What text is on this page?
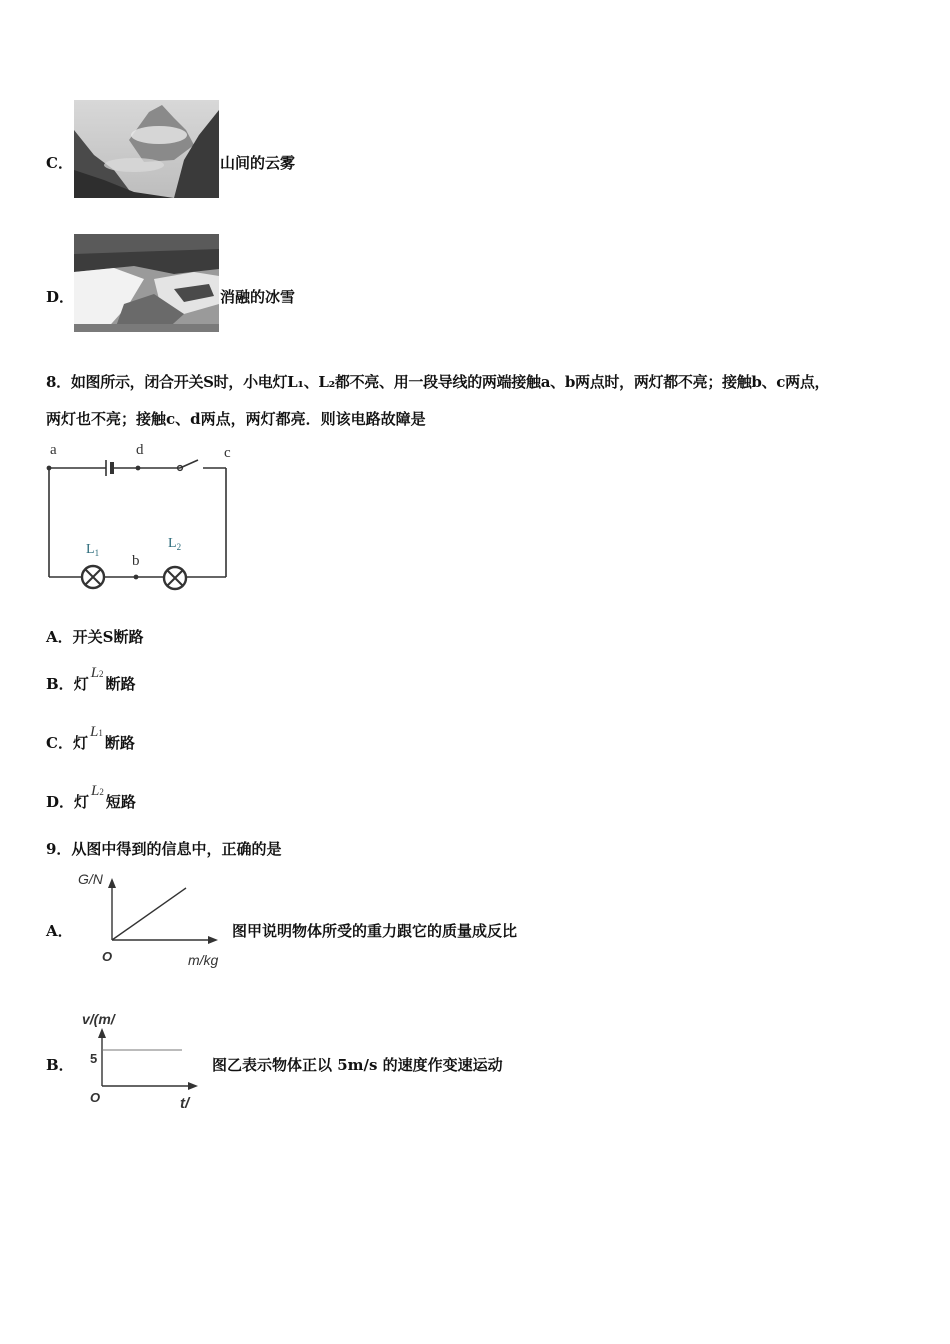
C．	山间的云雾
D．	消融的冰雪
8．如图所示，闭合开关S时，小电灯L₁、L₂都不亮、用一段导线的两端接触a、b两点时，两灯都不亮；接触b、c两点，
两灯也不亮；接触c、d两点，两灯都亮．则该电路故障是
a	d	c
b
$L_1$
$L_2$
A．开关S断路
B．灯L2断路
C．灯L1断路
D．灯L2短路
9．从图中得到的信息中，正确的是
A．
G/N
O	m/kg
图甲说明物体所受的重力跟它的质量成反比
B．
v/(m/
5
O	t/
图乙表示物体正以 5m/s 的速度作变速运动
